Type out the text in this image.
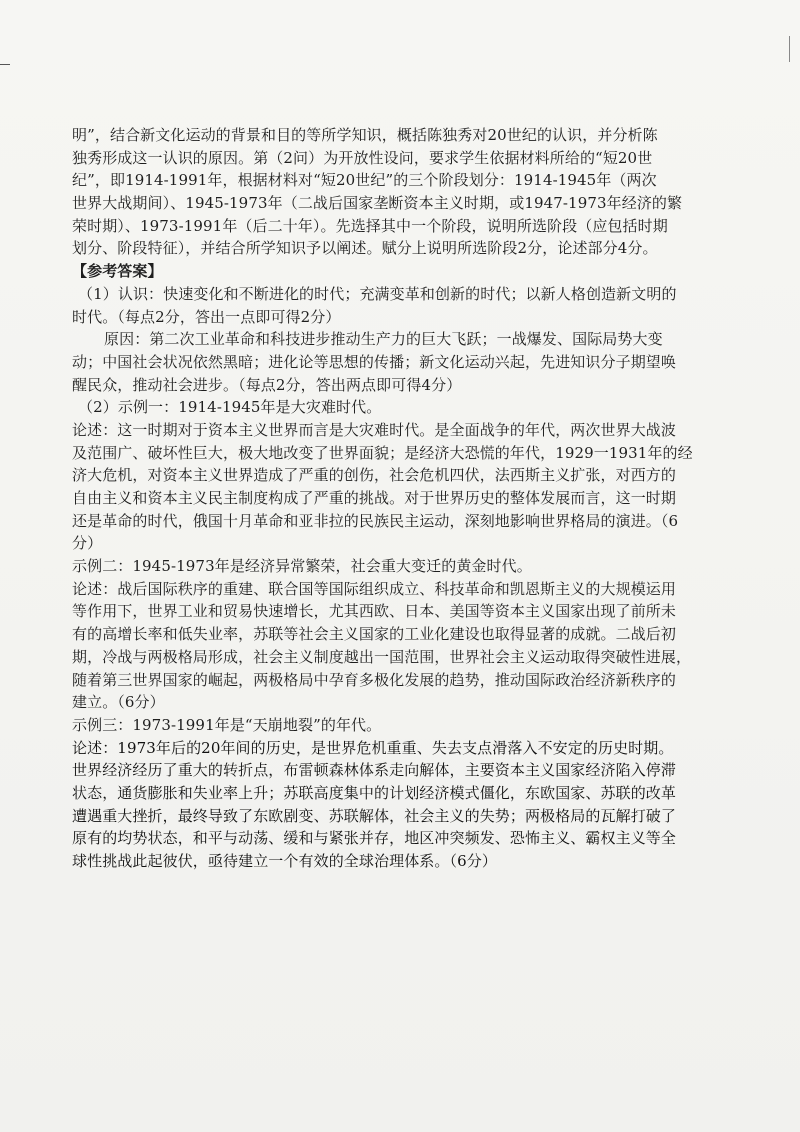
明”，结合新文化运动的背景和目的等所学知识，概括陈独秀对20世纪的认识，并分析陈
独秀形成这一认识的原因。第（2问）为开放性设问，要求学生依据材料所给的“短20世
纪”，即1914-1991年，根据材料对“短20世纪”的三个阶段划分：1914-1945年（两次
世界大战期间）、1945-1973年（二战后国家垄断资本主义时期，或1947-1973年经济的繁
荣时期）、1973-1991年（后二十年）。先选择其中一个阶段，说明所选阶段（应包括时期
划分、阶段特征），并结合所学知识予以阐述。赋分上说明所选阶段2分，论述部分4分。
【参考答案】
（1）认识：快速变化和不断进化的时代；充满变革和创新的时代；以新人格创造新文明的
时代。（每点2分，答出一点即可得2分）
原因：第二次工业革命和科技进步推动生产力的巨大飞跃；一战爆发、国际局势大变
动；中国社会状况依然黑暗；进化论等思想的传播；新文化运动兴起，先进知识分子期望唤
醒民众，推动社会进步。（每点2分，答出两点即可得4分）
（2）示例一：1914-1945年是大灾难时代。
论述：这一时期对于资本主义世界而言是大灾难时代。是全面战争的年代，两次世界大战波
及范围广、破坏性巨大，极大地改变了世界面貌；是经济大恐慌的年代，1929一1931年的经
济大危机，对资本主义世界造成了严重的创伤，社会危机四伏，法西斯主义扩张，对西方的
自由主义和资本主义民主制度构成了严重的挑战。对于世界历史的整体发展而言，这一时期
还是革命的时代，俄国十月革命和亚非拉的民族民主运动，深刻地影响世界格局的演进。（6
分）
示例二：1945-1973年是经济异常繁荣，社会重大变迁的黄金时代。
论述：战后国际秩序的重建、联合国等国际组织成立、科技革命和凯恩斯主义的大规模运用
等作用下，世界工业和贸易快速增长，尤其西欧、日本、美国等资本主义国家出现了前所未
有的高增长率和低失业率，苏联等社会主义国家的工业化建设也取得显著的成就。二战后初
期，冷战与两极格局形成，社会主义制度越出一国范围，世界社会主义运动取得突破性进展，
随着第三世界国家的崛起，两极格局中孕育多极化发展的趋势，推动国际政治经济新秩序的
建立。（6分）
示例三：1973-1991年是“天崩地裂”的年代。
论述：1973年后的20年间的历史，是世界危机重重、失去支点滑落入不安定的历史时期。
世界经济经历了重大的转折点，布雷顿森林体系走向解体，主要资本主义国家经济陷入停滞
状态，通货膨胀和失业率上升；苏联高度集中的计划经济模式僵化，东欧国家、苏联的改革
遭遇重大挫折，最终导致了东欧剧变、苏联解体，社会主义的失势；两极格局的瓦解打破了
原有的均势状态，和平与动荡、缓和与紧张并存，地区冲突频发、恐怖主义、霸权主义等全
球性挑战此起彼伏，亟待建立一个有效的全球治理体系。（6分）
